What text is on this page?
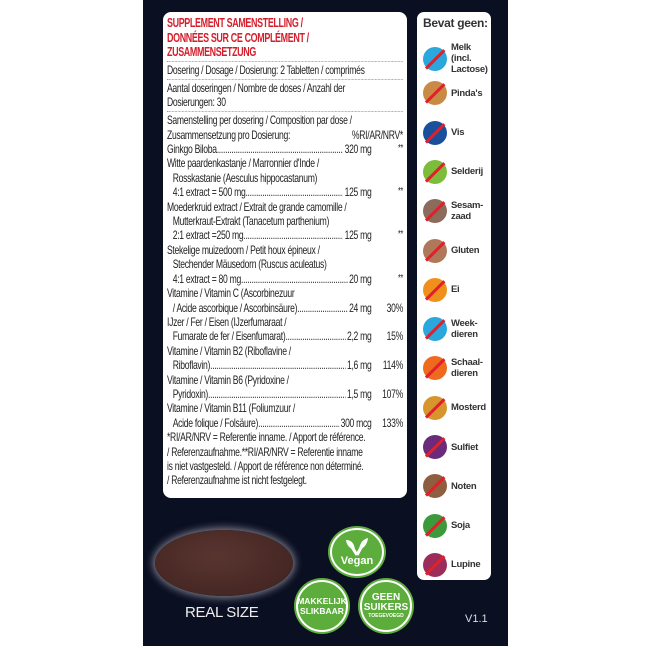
SUPPLEMENT SAMENSTELLING /
DONNÉES SUR CE COMPLÉMENT /
ZUSAMMENSETZUNG
Dosering / Dosage / Dosierung: 2 Tabletten / comprimés
Aantal doseringen / Nombre de doses / Anzahl der
Dosierungen: 30
Samenstelling per dosering / Composition par dose /
Zusammensetzung pro Dosierung:	%RI/AR/NRV*
Ginkgo Biloba .....	320 mg	**
Witte paardenkastanje / Marronnier d'Inde /
Rosskastanie (Aesculus hippocastanum)
4:1 extract = 500 mg .....	125 mg	**
Moederkruid extract / Extrait de grande camomille /
Mutterkraut-Extrakt (Tanacetum parthenium)
2:1 extract =250 mg .....	125 mg	**
Stekelige muizedoorn / Petit houx épineux /
Stechender Mäusedorn (Ruscus aculeatus)
4:1 extract = 80 mg .....	20 mg	**
Vitamine / Vitamin C (Ascorbinezuur
/ Acide ascorbique / Ascorbinsäure) .....	24 mg	30%
IJzer / Fer / Eisen (IJzerfumaraat /
Fumarate de fer / Eisenfumarat) .....	2,2 mg	15%
Vitamine / Vitamin B2 (Riboflavine /
Riboflavin) .....	1,6 mg 114%
Vitamine / Vitamin B6 (Pyridoxine /
Pyridoxin) .....	1,5 mg 107%
Vitamine / Vitamin B11 (Foliumzuur /
Acide folique / Folsäure) .....	300 mcg 133%
*RI/AR/NRV = Referentie inname. / Apport de référence.
/ Referenzaufnahme.**RI/AR/NRV = Referentie inname
is niet vastgesteld. / Apport de référence non déterminé.
/ Referenzaufnahme ist nicht festgelegt.
Bevat geen:
Melk
(incl.
Lactose)
Pinda's
Vis
Selderij
Sesam-
zaad
Gluten
Ei
Week-
dieren
Schaal-
dieren
Mosterd
Sulfiet
Noten
Soja
Lupine
REAL SIZE	V1.1
Vegan
MAKKELIJK
SLIKBAAR
GEEN
SUIKERS
TOEGEVOEGD
